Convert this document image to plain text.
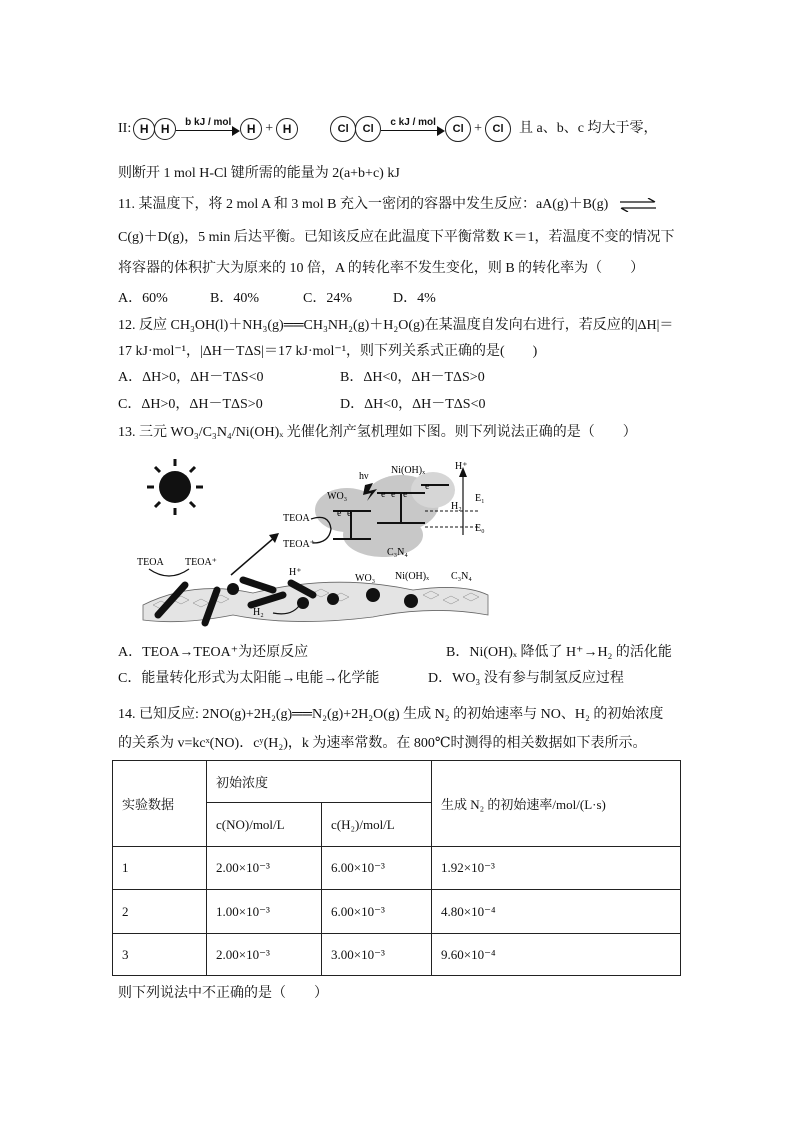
II: H	H	b kJ / mol	H + H	Cl	Cl
c kJ / mol
Cl + Cl	且 a、b、c 均大于零，
则断开 1 mol H-Cl 键所需的能量为 2(a+b+c) kJ
11. 某温度下，将 2 mol A 和 3 mol B 充入一密闭的容器中发生反应：aA(g)＋B(g) ⇌
C(g)＋D(g)，5 min 后达平衡。已知该反应在此温度下平衡常数 K＝1，若温度不变的情况下
将容器的体积扩大为原来的 10 倍，A 的转化率不发生变化，则 B 的转化率为（　　）
A．60%	B．40%	C．24%	D．4%
12. 反应 CH₃OH(l)＋NH₃(g)══CH₃NH₂(g)＋H₂O(g)在某温度自发向右进行，若反应的|ΔH|＝
17 kJ·mol⁻¹，|ΔH－TΔS|＝17 kJ·mol⁻¹，则下列关系式正确的是(　　)
A．ΔH>0，ΔH－TΔS<0	B．ΔH<0，ΔH－TΔS>0
C．ΔH>0，ΔH－TΔS>0	D．ΔH<0，ΔH－TΔS<0
13. 三元 WO₃/C₃N₄/Ni(OH)ₓ 光催化剂产氢机理如下图。则下列说法正确的是（　　）
e e
e e e
e
hν
Ni(OH)ₓ
WO₃
H⁺
H₂
E₁
E₀
C₃N₄
TEOA
TEOA⁺
TEOA TEOA⁺
H⁺
WO₃ Ni(OH)ₓ C₃N₄
H₂
A．TEOA→TEOA⁺为还原反应	B．Ni(OH)ₓ 降低了 H⁺→H₂ 的活化能
C．能量转化形式为太阳能→电能→化学能	D．WO₃ 没有参与制氢反应过程
14. 已知反应: 2NO(g)+2H₂(g)══N₂(g)+2H₂O(g) 生成 N₂ 的初始速率与 NO、H₂ 的初始浓度
的关系为 v=kcˣ(NO)．cʸ(H₂)，k 为速率常数。在 800℃时测得的相关数据如下表所示。
实验数据	初始浓度		生成 N₂ 的初始速率/mol/(L·s)
	c(NO)/mol/L	c(H₂)/mol/L	
1	2.00×10⁻³	6.00×10⁻³	1.92×10⁻³
2	1.00×10⁻³	6.00×10⁻³	4.80×10⁻⁴
3	2.00×10⁻³	3.00×10⁻³	9.60×10⁻⁴
则下列说法中不正确的是（　　）
